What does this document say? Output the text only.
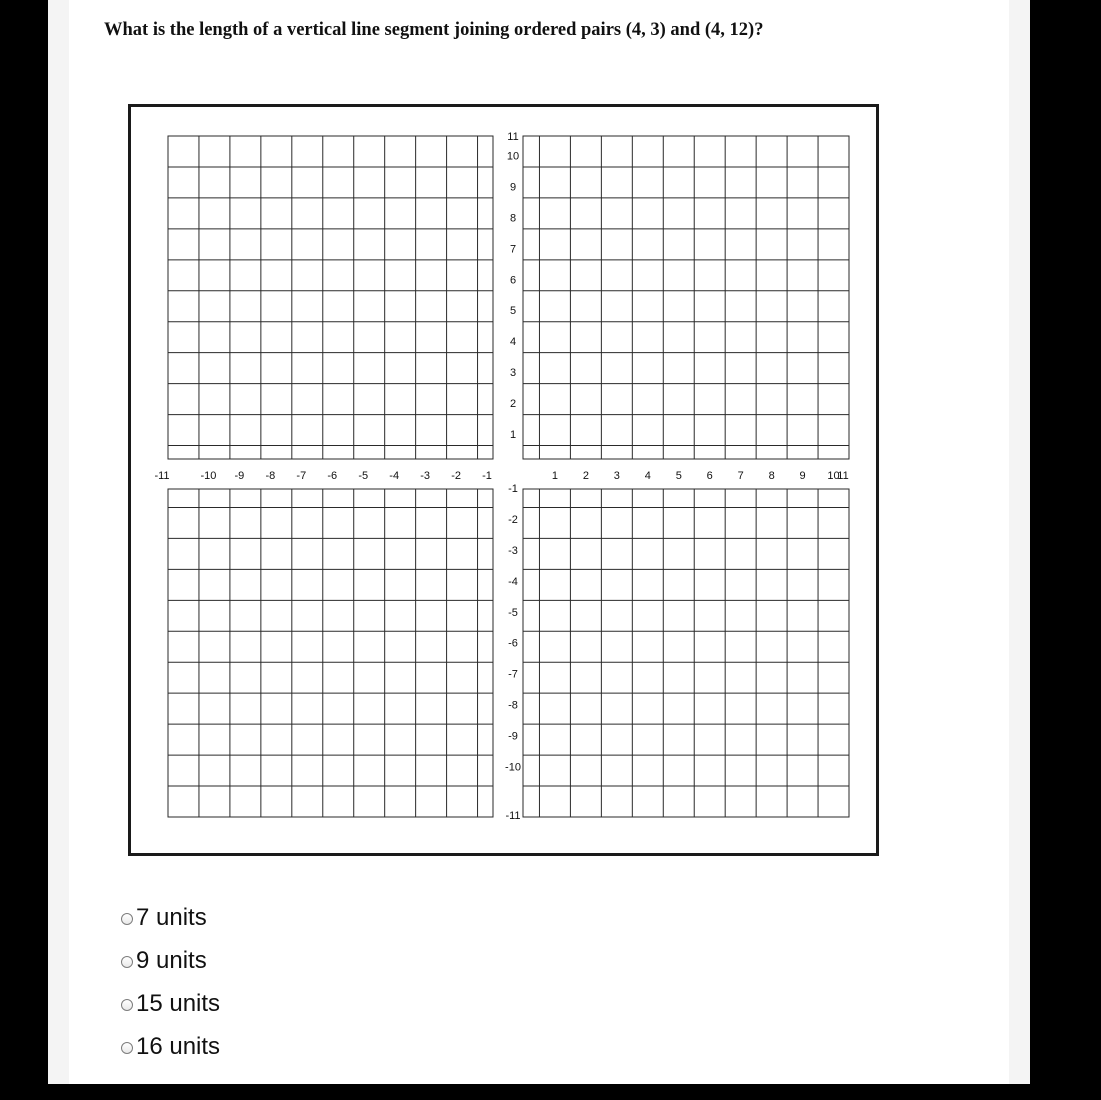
What is the length of a vertical line segment joining ordered pairs (4, 3) and (4, 12)?

-11	-10 -9 -8 -7 -6 -5 -4 -3 -2 -1	1 2 3 4 5 6 7 8 9 10
11
11
10
9
8
7
6
5
4
3
2
1
-1
-2
-3
-4
-5
-6
-7
-8
-9
-10
-11
7 units
9 units
15 units
16 units
